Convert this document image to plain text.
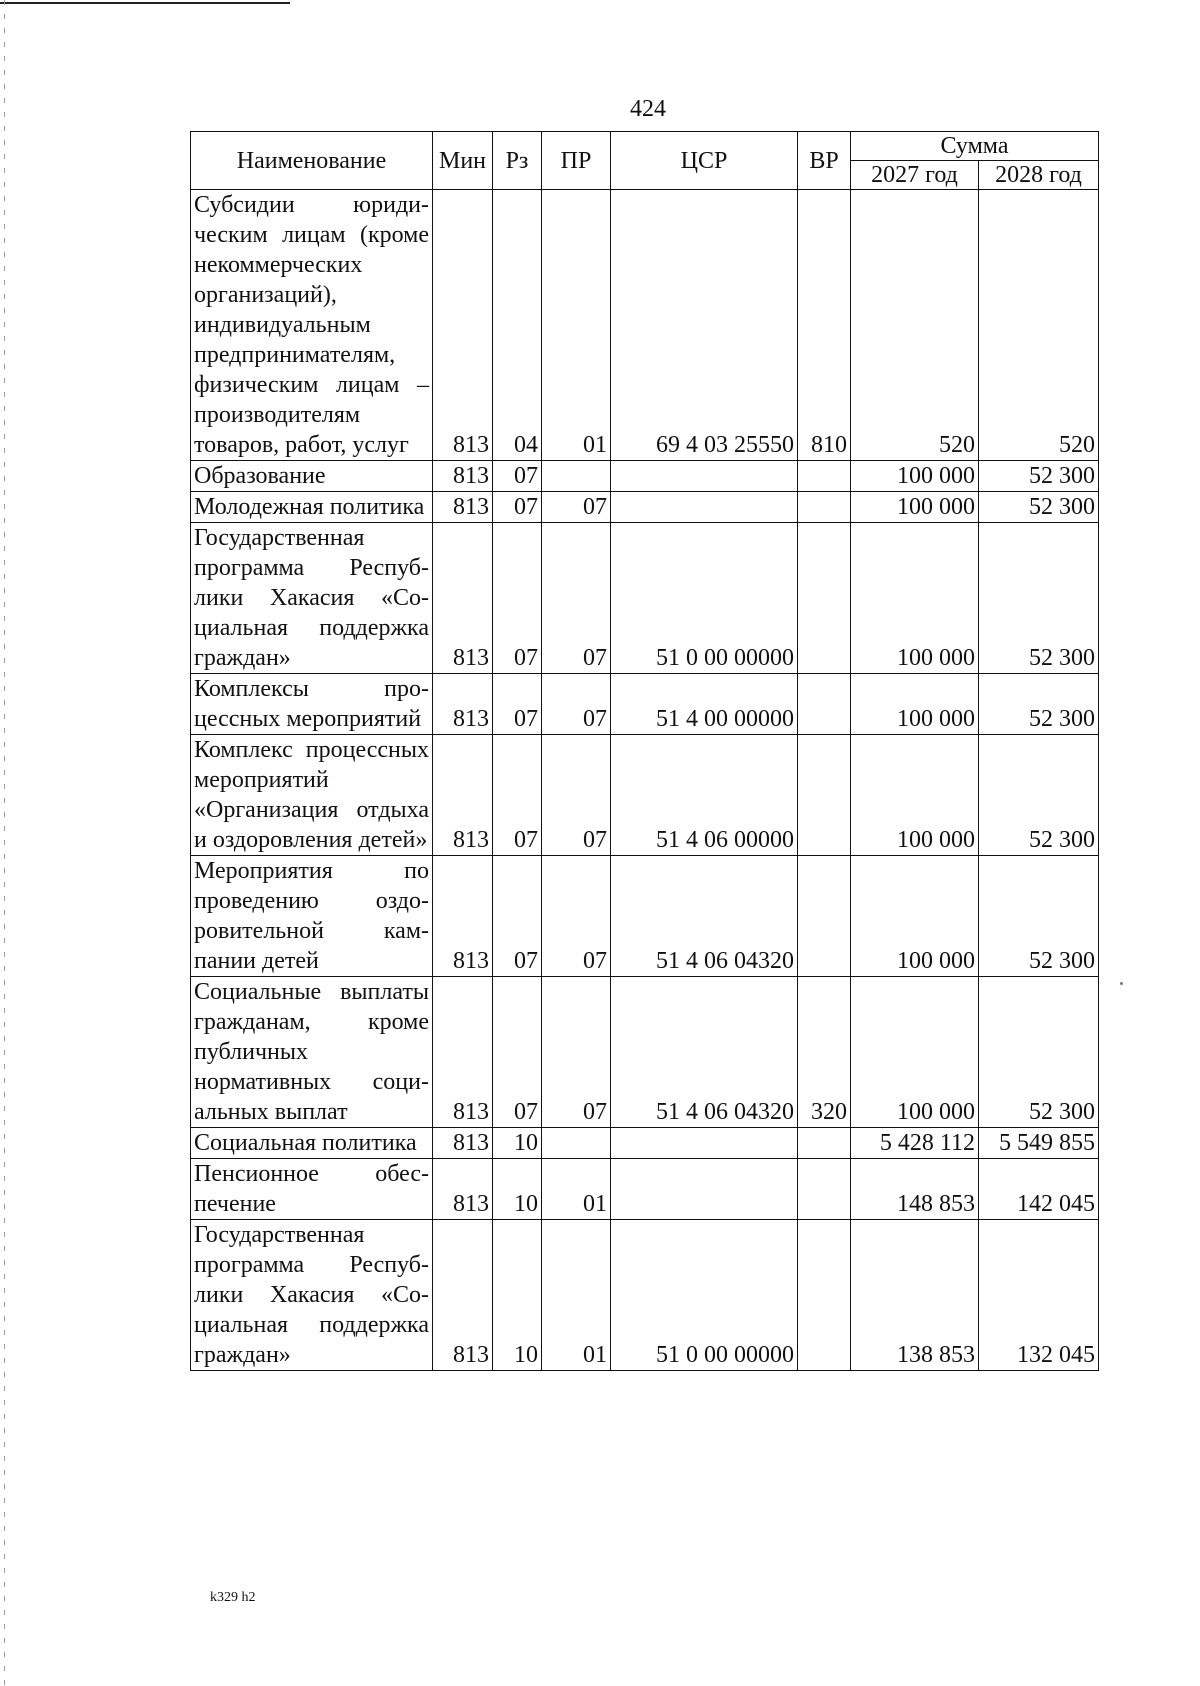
424
Наименование	Мин	Рз	ПР	ЦСР	ВР	Сумма	
						2027 год	2028 год
Субсидии юридическим лицам (кроме некоммерческих организаций), индивидуальным предпринимателям, физическим лицам – производителям товаров, работ, услуг	813	04	01	69 4 03 25550	810	520	520
Образование	813	07				100 000	52 300
Молодежная политика	813	07	07			100 000	52 300
Государственная программа Республики Хакасия «Социальная поддержка граждан»	813	07	07	51 0 00 00000		100 000	52 300
Комплексы процессных мероприятий	813	07	07	51 4 00 00000		100 000	52 300
Комплекс процессных мероприятий «Организация отдыха и оздоровления детей»	813	07	07	51 4 06 00000		100 000	52 300
Мероприятия по проведению оздоровительной кампании детей	813	07	07	51 4 06 04320		100 000	52 300
Социальные выплаты гражданам, кроме публичных нормативных социальных выплат	813	07	07	51 4 06 04320	320	100 000	52 300
Социальная политика	813	10				5 428 112	5 549 855
Пенсионное обеспечение	813	10	01			148 853	142 045
Государственная программа Республики Хакасия «Социальная поддержка граждан»	813	10	01	51 0 00 00000		138 853	132 045
k329 h2
